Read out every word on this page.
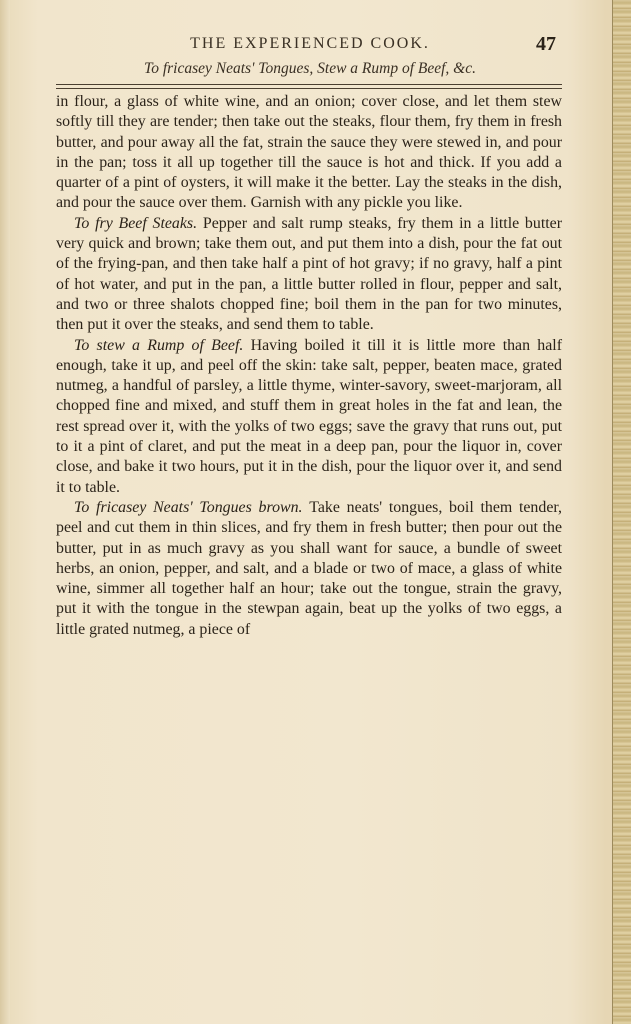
THE EXPERIENCED COOK.	47
To fricasey Neats' Tongues, Stew a Rump of Beef, &c.

in flour, a glass of white wine, and an onion; cover close, and let them stew softly till they are tender; then take out the steaks, flour them, fry them in fresh butter, and pour away all the fat, strain the sauce they were stewed in, and pour in the pan; toss it all up together till the sauce is hot and thick. If you add a quarter of a pint of oysters, it will make it the better. Lay the steaks in the dish, and pour the sauce over them. Garnish with any pickle you like.

To fry Beef Steaks. Pepper and salt rump steaks, fry them in a little butter very quick and brown; take them out, and put them into a dish, pour the fat out of the frying-pan, and then take half a pint of hot gravy; if no gravy, half a pint of hot water, and put in the pan, a little butter rolled in flour, pepper and salt, and two or three shalots chopped fine; boil them in the pan for two minutes, then put it over the steaks, and send them to table.

To stew a Rump of Beef. Having boiled it till it is little more than half enough, take it up, and peel off the skin: take salt, pepper, beaten mace, grated nutmeg, a handful of parsley, a little thyme, winter-savory, sweet-marjoram, all chopped fine and mixed, and stuff them in great holes in the fat and lean, the rest spread over it, with the yolks of two eggs; save the gravy that runs out, put to it a pint of claret, and put the meat in a deep pan, pour the liquor in, cover close, and bake it two hours, put it in the dish, pour the liquor over it, and send it to table.

To fricasey Neats' Tongues brown. Take neats' tongues, boil them tender, peel and cut them in thin slices, and fry them in fresh butter; then pour out the butter, put in as much gravy as you shall want for sauce, a bundle of sweet herbs, an onion, pepper, and salt, and a blade or two of mace, a glass of white wine, simmer all together half an hour; take out the tongue, strain the gravy, put it with the tongue in the stewpan again, beat up the yolks of two eggs, a little grated nutmeg, a piece of
